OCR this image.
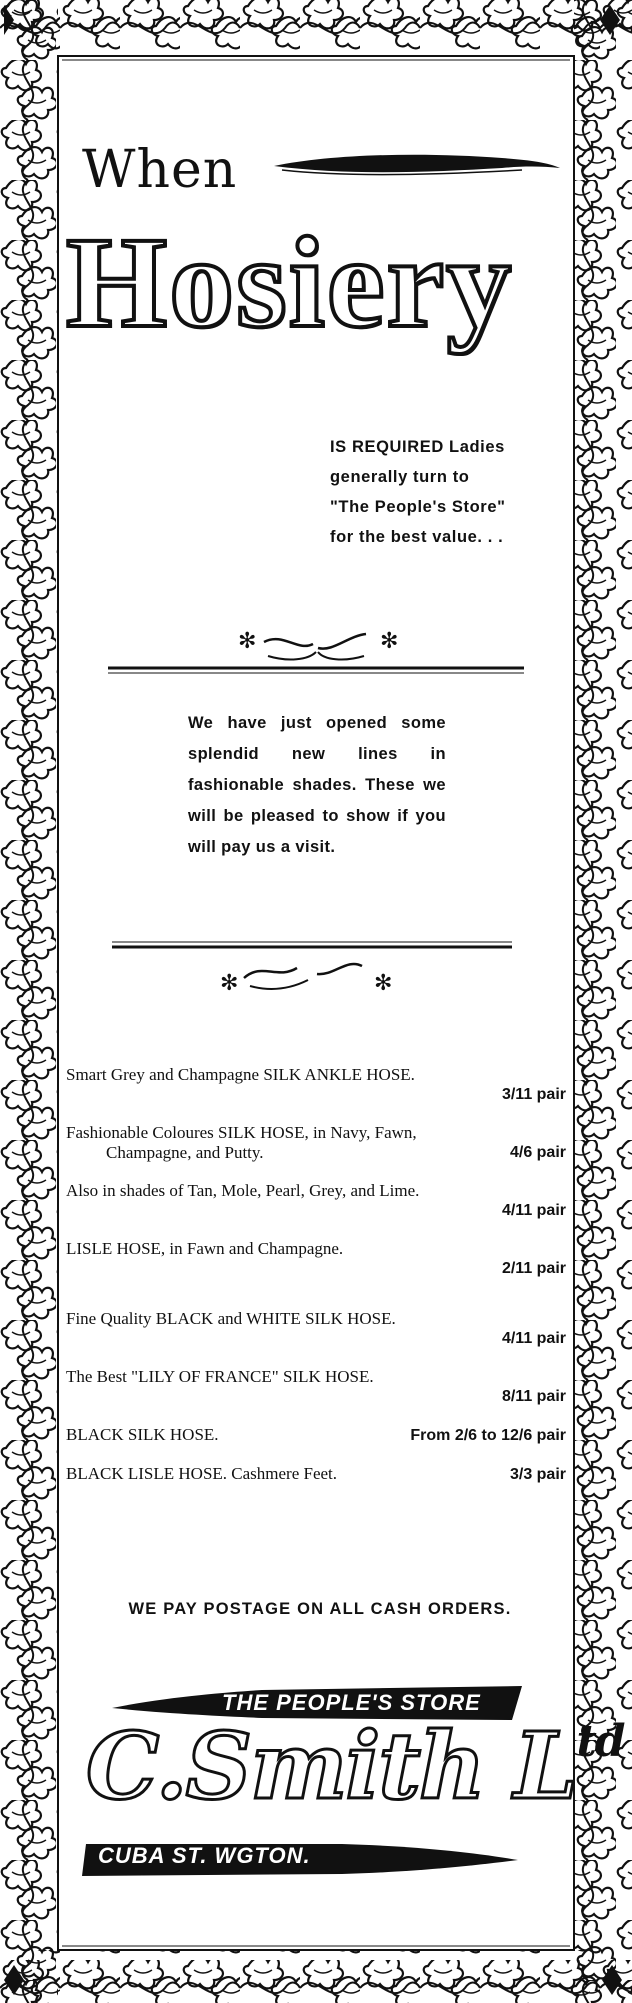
When
Hosiery
IS REQUIRED Ladies
generally turn to
"The People's Store"
for the best value. . .
✻	✻
We have just opened some splendid new lines in fashionable shades. These we will be pleased to show if you will pay us a visit.
✻	✻
Smart Grey and Champagne SILK ANKLE HOSE.
3/11 pair
Fashionable Coloures SILK HOSE, in Navy, Fawn,
Champagne, and Putty.	4/6 pair
Also in shades of Tan, Mole, Pearl, Grey, and Lime.
4/11 pair
LISLE HOSE, in Fawn and Champagne.
2/11 pair
Fine Quality BLACK and WHITE SILK HOSE.
4/11 pair
The Best "LILY OF FRANCE" SILK HOSE.
8/11 pair
BLACK SILK HOSE.	From 2/6 to 12/6 pair
BLACK LISLE HOSE. Cashmere Feet.	3/3 pair
WE PAY POSTAGE ON ALL CASH ORDERS.
THE PEOPLE'S STORE
C.Smith $L^{td}$
CUBA ST. WGTON.
